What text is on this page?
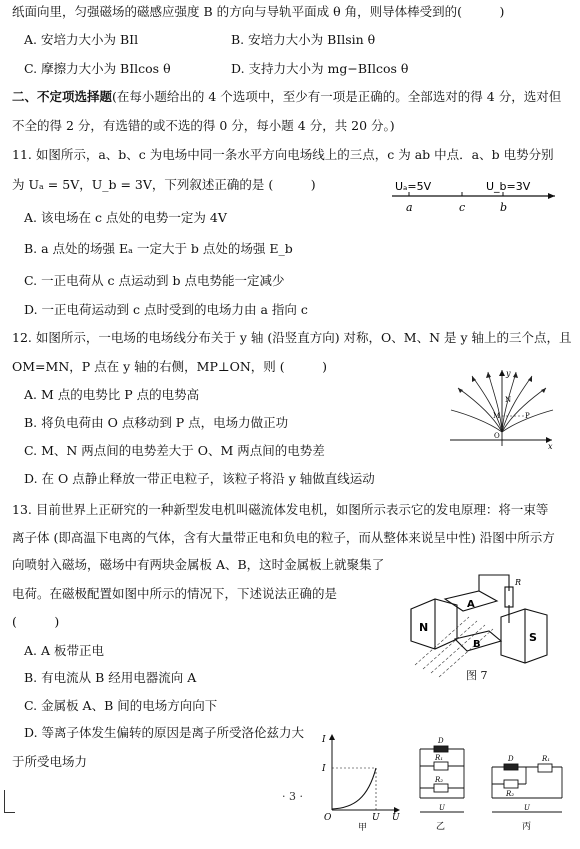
纸面向里，匀强磁场的磁感应强度 B 的方向与导轨平面成 θ 角，则导体棒受到的(　　　)
A. 安培力大小为 BIl	B. 安培力大小为 BIlsin θ
C. 摩擦力大小为 BIlcos θ	D. 支持力大小为 mg−BIlcos θ
二、不定项选择题(在每小题给出的 4 个选项中，至少有一项是正确的。全部选对的得 4 分，选对但
不全的得 2 分，有选错的或不选的得 0 分，每小题 4 分，共 20 分。)
11. 如图所示，a、b、c 为电场中同一条水平方向电场线上的三点，c 为 ab 中点．a、b 电势分别
为 Uₐ = 5V，U_b = 3V，下列叙述正确的是 (　　　)
A. 该电场在 c 点处的电势一定为 4V
B. a 点处的场强 Eₐ 一定大于 b 点处的场强 E_b
C. 一正电荷从 c 点运动到 b 点电势能一定减少
D. 一正电荷运动到 c 点时受到的电场力由 a 指向 c
Uₐ=5V	U_b=3V
a	c	b
12. 如图所示，一电场的电场线分布关于 y 轴 (沿竖直方向) 对称，O、M、N 是 y 轴上的三个点，且
OM=MN，P 点在 y 轴的右侧，MP⊥ON，则 (　　　)
A. M 点的电势比 P 点的电势高
B. 将负电荷由 O 点移动到 P 点，电场力做正功
C. M、N 两点间的电势差大于 O、M 两点间的电势差
D. 在 O 点静止释放一带正电粒子，该粒子将沿 y 轴做直线运动
y
N
M	P
O
x
13. 目前世界上正研究的一种新型发电机叫磁流体发电机，如图所示表示它的发电原理：将一束等
离子体 (即高温下电离的气体，含有大量带正电和负电的粒子，而从整体来说呈中性) 沿图中所示方
向喷射入磁场，磁场中有两块金属板 A、B，这时金属板上就聚集了
电荷。在磁极配置如图中所示的情况下，下述说法正确的是
(　　　)
A. A 板带正电
B. 有电流从 B 经用电器流向 A
C. 金属板 A、B 间的电场方向向下
D. 等离子体发生偏转的原因是离子所受洛伦兹力大
于所受电场力
N
S
A
B
R
图 7
I
I
O	U U
甲
D
R₁
R₂
U
乙
D	R₁
R₂
U
丙
· 3 ·
